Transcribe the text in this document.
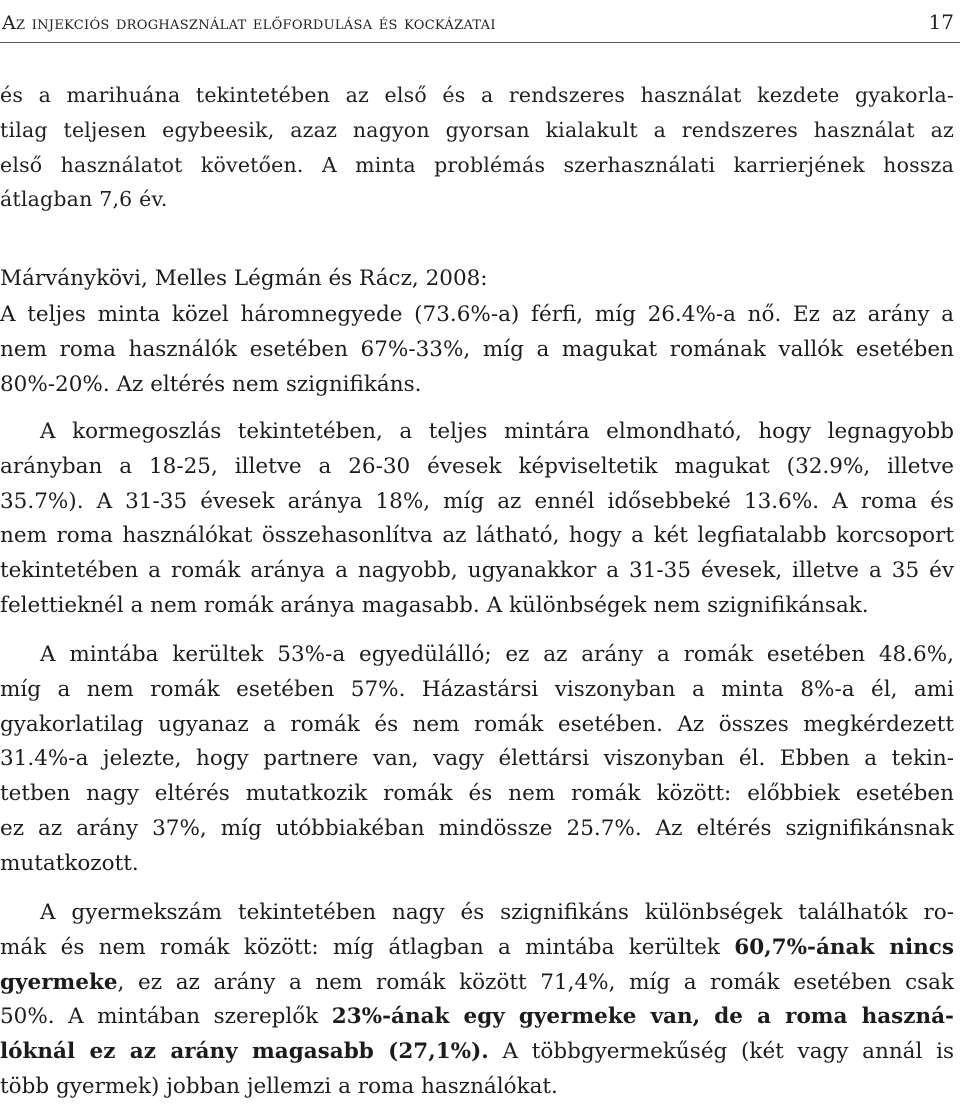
Az injekciós droghasználat előfordulása és kockázatai	17
és a marihuána tekintetében az első és a rendszeres használat kezdete gyakorla-
tilag teljesen egybeesik, azaz nagyon gyorsan kialakult a rendszeres használat az
első használatot követően. A minta problémás szerhasználati karrierjének hossza
átlagban 7,6 év.
Márványkövi, Melles Légmán és Rácz, 2008:
A teljes minta közel háromnegyede (73.6%-a) férfi, míg 26.4%-a nő. Ez az arány a
nem roma használók esetében 67%-33%, míg a magukat romának vallók esetében
80%-20%. Az eltérés nem szignifikáns.
A kormegoszlás tekintetében, a teljes mintára elmondható, hogy legnagyobb
arányban a 18-25, illetve a 26-30 évesek képviseltetik magukat (32.9%, illetve
35.7%). A 31-35 évesek aránya 18%, míg az ennél idősebbeké 13.6%. A roma és
nem roma használókat összehasonlítva az látható, hogy a két legfiatalabb korcsoport
tekintetében a romák aránya a nagyobb, ugyanakkor a 31-35 évesek, illetve a 35 év
felettieknél a nem romák aránya magasabb. A különbségek nem szignifikánsak.
A mintába kerültek 53%-a egyedülálló; ez az arány a romák esetében 48.6%,
míg a nem romák esetében 57%. Házastársi viszonyban a minta 8%-a él, ami
gyakorlatilag ugyanaz a romák és nem romák esetében. Az összes megkérdezett
31.4%-a jelezte, hogy partnere van, vagy élettársi viszonyban él. Ebben a tekin-
tetben nagy eltérés mutatkozik romák és nem romák között: előbbiek esetében
ez az arány 37%, míg utóbbiakéban mindössze 25.7%. Az eltérés szignifikánsnak
mutatkozott.
A gyermekszám tekintetében nagy és szignifikáns különbségek találhatók ro-
mák és nem romák között: míg átlagban a mintába kerültek 60,7%-ának nincs
gyermeke, ez az arány a nem romák között 71,4%, míg a romák esetében csak
50%. A mintában szereplők 23%-ának egy gyermeke van, de a roma haszná-
lóknál ez az arány magasabb (27,1%). A többgyermekűség (két vagy annál is
több gyermek) jobban jellemzi a roma használókat.
